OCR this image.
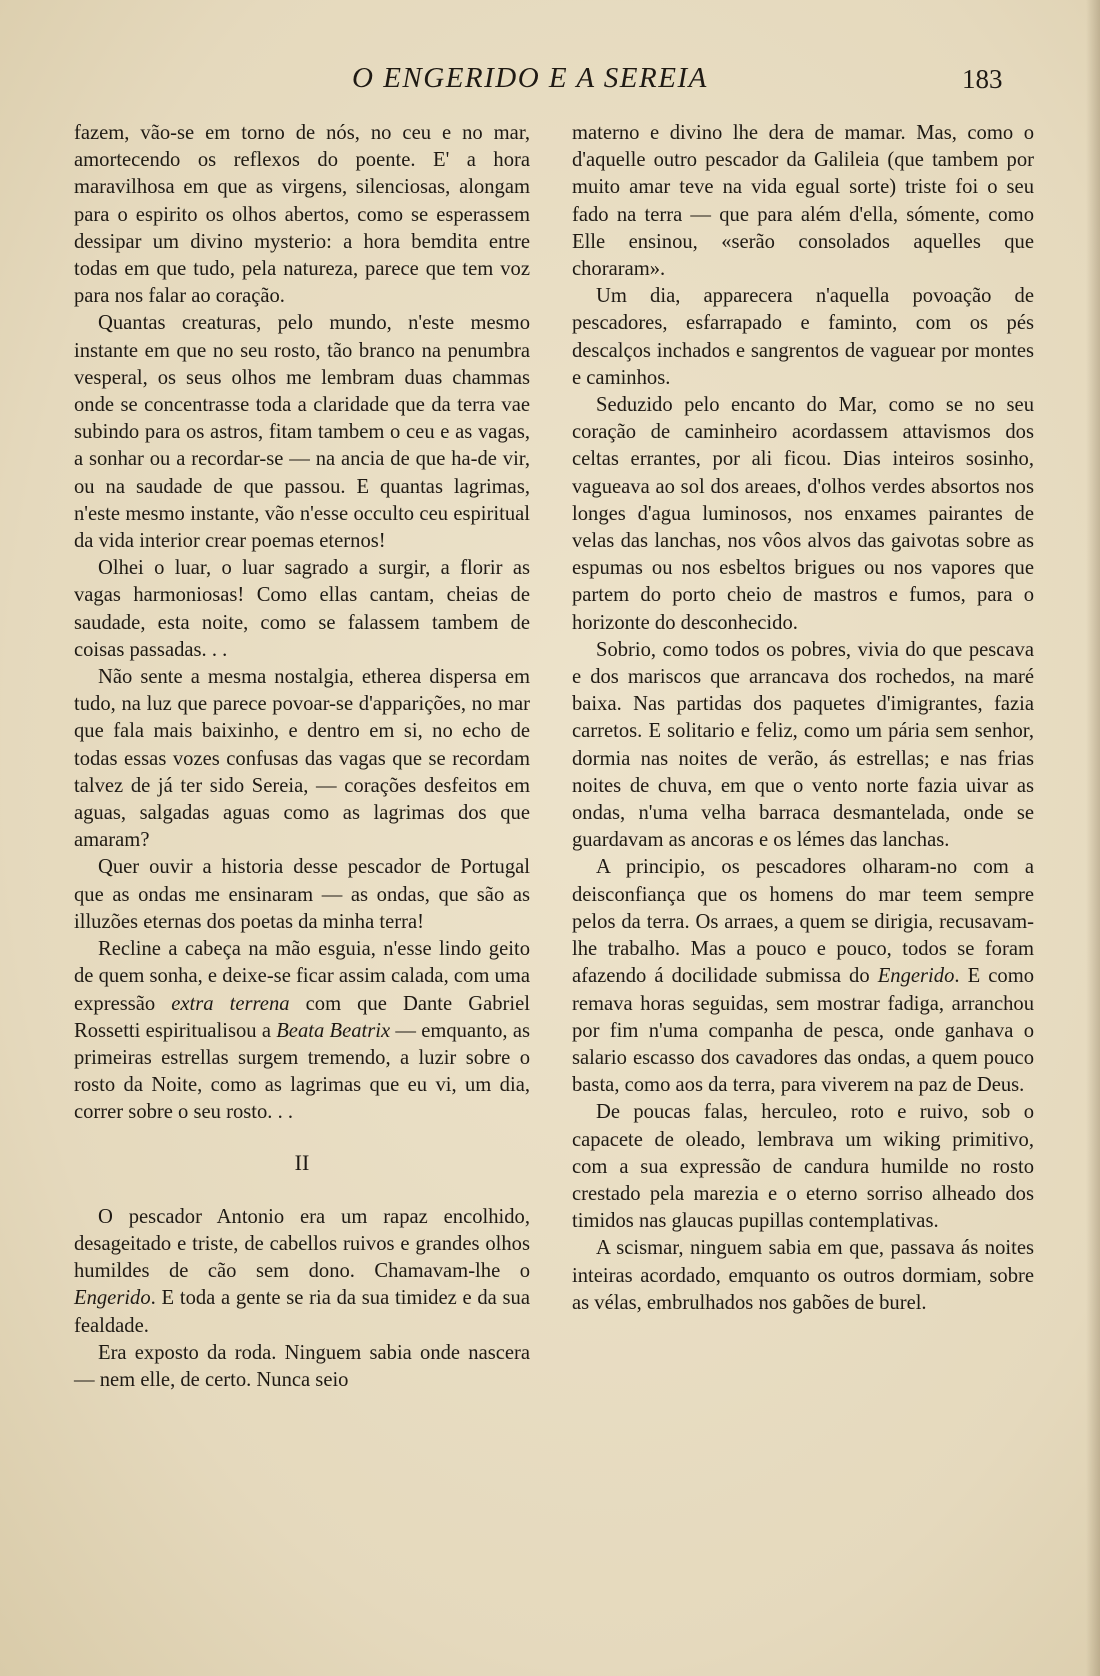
O ENGERIDO E A SEREIA	183

fazem, vão-se em torno de nós, no ceu e no mar, amortecendo os reflexos do poente. E' a hora maravilhosa em que as virgens, silenciosas, alongam para o espirito os olhos abertos, como se esperassem dessipar um divino mysterio: a hora bemdita entre todas em que tudo, pela natureza, parece que tem voz para nos falar ao coração.

Quantas creaturas, pelo mundo, n'este mesmo instante em que no seu rosto, tão branco na penumbra vesperal, os seus olhos me lembram duas chammas onde se concentrasse toda a claridade que da terra vae subindo para os astros, fitam tambem o ceu e as vagas, a sonhar ou a recordar-se — na ancia de que ha-de vir, ou na saudade de que passou. E quantas lagrimas, n'este mesmo instante, vão n'esse occulto ceu espiritual da vida interior crear poemas eternos!

Olhei o luar, o luar sagrado a surgir, a florir as vagas harmoniosas! Como ellas cantam, cheias de saudade, esta noite, como se falassem tambem de coisas passadas. . .

Não sente a mesma nostalgia, etherea dispersa em tudo, na luz que parece povoar-se d'apparições, no mar que fala mais baixinho, e dentro em si, no echo de todas essas vozes confusas das vagas que se recordam talvez de já ter sido Sereia, — corações desfeitos em aguas, salgadas aguas como as lagrimas dos que amaram?

Quer ouvir a historia desse pescador de Portugal que as ondas me ensinaram — as ondas, que são as illuzões eternas dos poetas da minha terra!

Recline a cabeça na mão esguia, n'esse lindo geito de quem sonha, e deixe-se ficar assim calada, com uma expressão extra terrena com que Dante Gabriel Rossetti espiritualisou a Beata Beatrix — emquanto, as primeiras estrellas surgem tremendo, a luzir sobre o rosto da Noite, como as lagrimas que eu vi, um dia, correr sobre o seu rosto. . .

II

O pescador Antonio era um rapaz encolhido, desageitado e triste, de cabellos ruivos e grandes olhos humildes de cão sem dono. Chamavam-lhe o Engerido. E toda a gente se ria da sua timidez e da sua fealdade.

Era exposto da roda. Ninguem sabia onde nascera — nem elle, de certo. Nunca seio

materno e divino lhe dera de mamar. Mas, como o d'aquelle outro pescador da Galileia (que tambem por muito amar teve na vida egual sorte) triste foi o seu fado na terra — que para além d'ella, sómente, como Elle ensinou, «serão consolados aquelles que choraram».

Um dia, apparecera n'aquella povoação de pescadores, esfarrapado e faminto, com os pés descalços inchados e sangrentos de vaguear por montes e caminhos.

Seduzido pelo encanto do Mar, como se no seu coração de caminheiro acordassem attavismos dos celtas errantes, por ali ficou. Dias inteiros sosinho, vagueava ao sol dos areaes, d'olhos verdes absortos nos longes d'agua luminosos, nos enxames pairantes de velas das lanchas, nos vôos alvos das gaivotas sobre as espumas ou nos esbeltos brigues ou nos vapores que partem do porto cheio de mastros e fumos, para o horizonte do desconhecido.

Sobrio, como todos os pobres, vivia do que pescava e dos mariscos que arrancava dos rochedos, na maré baixa. Nas partidas dos paquetes d'imigrantes, fazia carretos. E solitario e feliz, como um pária sem senhor, dormia nas noites de verão, ás estrellas; e nas frias noites de chuva, em que o vento norte fazia uivar as ondas, n'uma velha barraca desmantelada, onde se guardavam as ancoras e os lémes das lanchas.

A principio, os pescadores olharam-no com a deisconfiança que os homens do mar teem sempre pelos da terra. Os arraes, a quem se dirigia, recusavam-lhe trabalho. Mas a pouco e pouco, todos se foram afazendo á docilidade submissa do Engerido. E como remava horas seguidas, sem mostrar fadiga, arranchou por fim n'uma companha de pesca, onde ganhava o salario escasso dos cavadores das ondas, a quem pouco basta, como aos da terra, para viverem na paz de Deus.

De poucas falas, herculeo, roto e ruivo, sob o capacete de oleado, lembrava um wiking primitivo, com a sua expressão de candura humilde no rosto crestado pela marezia e o eterno sorriso alheado dos timidos nas glaucas pupillas contemplativas.

A scismar, ninguem sabia em que, passava ás noites inteiras acordado, emquanto os outros dormiam, sobre as vélas, embrulhados nos gabões de burel.
